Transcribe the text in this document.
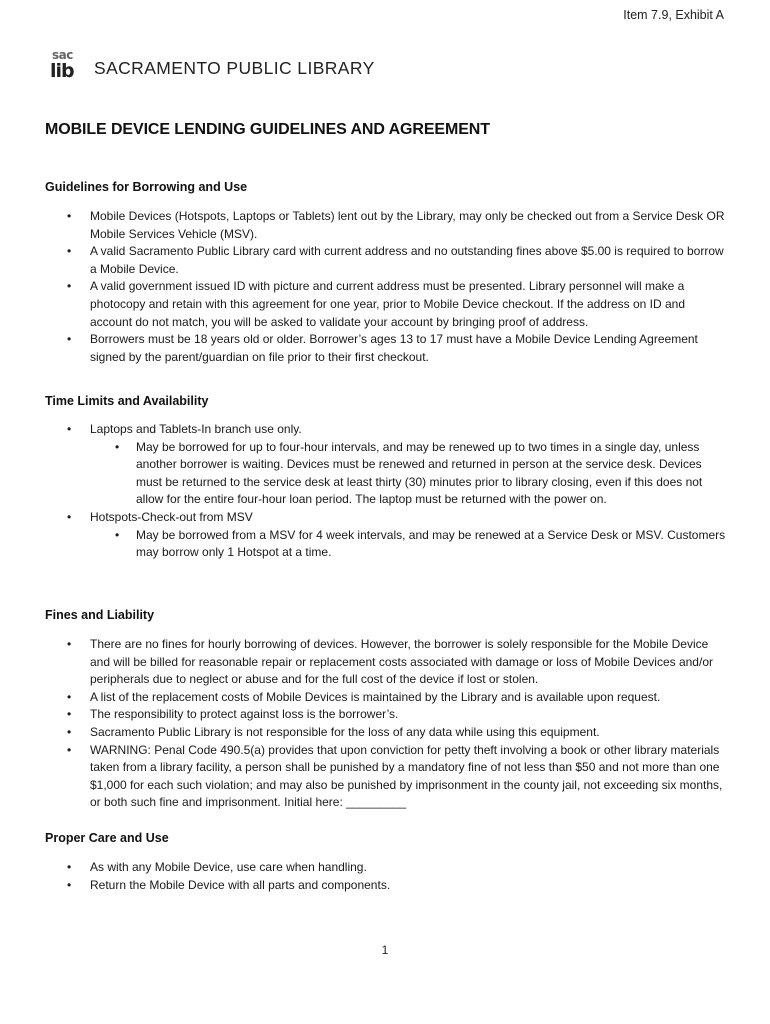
Item 7.9, Exhibit A
sac
lib SACRAMENTO PUBLIC LIBRARY
MOBILE DEVICE LENDING GUIDELINES AND AGREEMENT
Guidelines for Borrowing and Use
• Mobile Devices (Hotspots, Laptops or Tablets) lent out by the Library, may only be checked out from a Service Desk OR Mobile Services Vehicle (MSV).
• A valid Sacramento Public Library card with current address and no outstanding fines above $5.00 is required to borrow a Mobile Device.
• A valid government issued ID with picture and current address must be presented. Library personnel will make a photocopy and retain with this agreement for one year, prior to Mobile Device checkout. If the address on ID and account do not match, you will be asked to validate your account by bringing proof of address.
• Borrowers must be 18 years old or older. Borrower’s ages 13 to 17 must have a Mobile Device Lending Agreement signed by the parent/guardian on file prior to their first checkout.
Time Limits and Availability
• Laptops and Tablets-In branch use only.
• May be borrowed for up to four-hour intervals, and may be renewed up to two times in a single day, unless another borrower is waiting. Devices must be renewed and returned in person at the service desk. Devices must be returned to the service desk at least thirty (30) minutes prior to library closing, even if this does not allow for the entire four-hour loan period. The laptop must be returned with the power on.
• Hotspots-Check-out from MSV
• May be borrowed from a MSV for 4 week intervals, and may be renewed at a Service Desk or MSV. Customers may borrow only 1 Hotspot at a time.
Fines and Liability
• There are no fines for hourly borrowing of devices. However, the borrower is solely responsible for the Mobile Device and will be billed for reasonable repair or replacement costs associated with damage or loss of Mobile Devices and/or peripherals due to neglect or abuse and for the full cost of the device if lost or stolen.
• A list of the replacement costs of Mobile Devices is maintained by the Library and is available upon request.
• The responsibility to protect against loss is the borrower’s.
• Sacramento Public Library is not responsible for the loss of any data while using this equipment.
• WARNING: Penal Code 490.5(a) provides that upon conviction for petty theft involving a book or other library materials taken from a library facility, a person shall be punished by a mandatory fine of not less than $50 and not more than one $1,000 for each such violation; and may also be punished by imprisonment in the county jail, not exceeding six months, or both such fine and imprisonment. Initial here: _________
Proper Care and Use
• As with any Mobile Device, use care when handling.
• Return the Mobile Device with all parts and components.
1
